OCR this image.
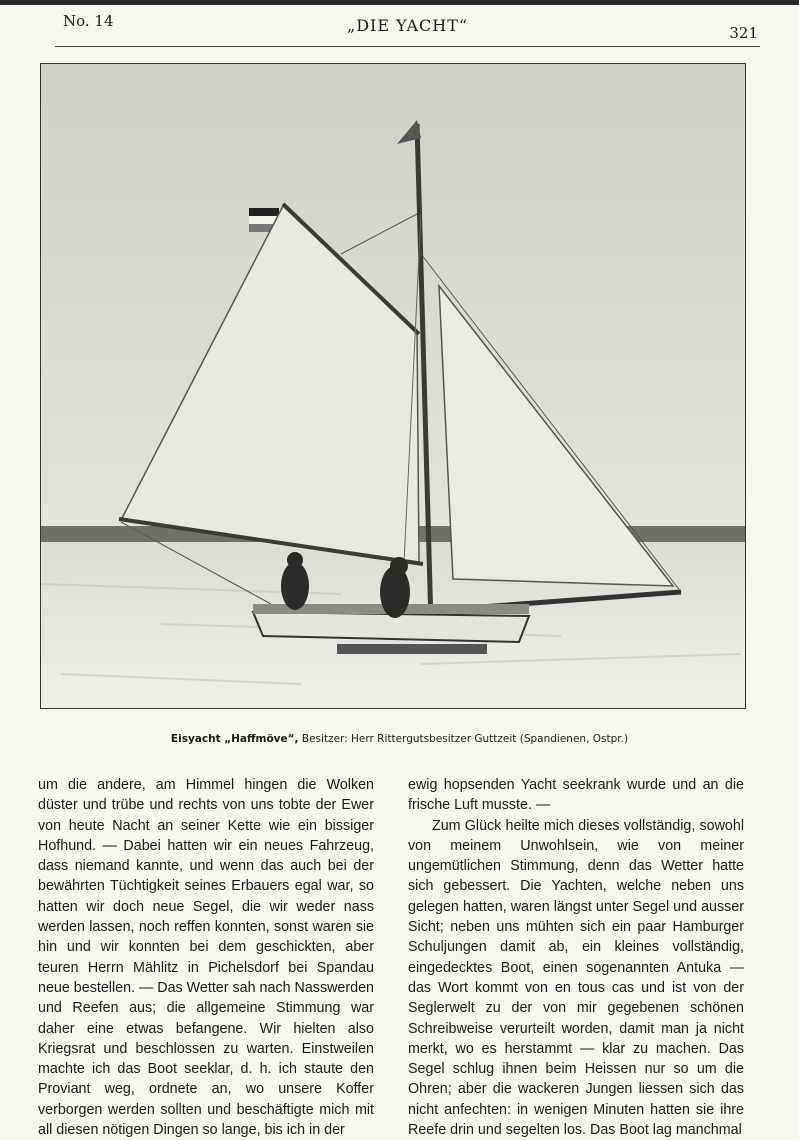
No. 14	„DIE YACHT“	321
Eisyacht „Haffmöve“, Besitzer: Herr Rittergutsbesitzer Guttzeit (Spandienen, Ostpr.)

um die andere, am Himmel hingen die Wolken düster und trübe und rechts von uns tobte der Ewer von heute Nacht an seiner Kette wie ein bissiger Hofhund. — Dabei hatten wir ein neues Fahrzeug, dass niemand kannte, und wenn das auch bei der bewährten Tüchtigkeit seines Erbauers egal war, so hatten wir doch neue Segel, die wir weder nass werden lassen, noch reffen konnten, sonst waren sie hin und wir konnten bei dem geschickten, aber teuren Herrn Mählitz in Pichelsdorf bei Spandau neue bestellen. — Das Wetter sah nach Nasswerden und Reefen aus; die allgemeine Stimmung war daher eine etwas befangene. Wir hielten also Kriegsrat und beschlossen zu warten. Einstweilen machte ich das Boot seeklar, d. h. ich staute den Proviant weg, ordnete an, wo unsere Koffer verborgen werden sollten und beschäftigte mich mit all diesen nötigen Dingen so lange, bis ich in der

ewig hopsenden Yacht seekrank wurde und an die frische Luft musste. —

Zum Glück heilte mich dieses vollständig, sowohl von meinem Unwohlsein, wie von meiner ungemütlichen Stimmung, denn das Wetter hatte sich gebessert. Die Yachten, welche neben uns gelegen hatten, waren längst unter Segel und ausser Sicht; neben uns mühten sich ein paar Hamburger Schuljungen damit ab, ein kleines vollständig, eingedecktes Boot, einen sogenannten Antuka — das Wort kommt von en tous cas und ist von der Seglerwelt zu der von mir gegebenen schönen Schreibweise verurteilt worden, damit man ja nicht merkt, wo es herstammt — klar zu machen. Das Segel schlug ihnen beim Heissen nur so um die Ohren; aber die wackeren Jungen liessen sich das nicht anfechten: in wenigen Minuten hatten sie ihre Reefe drin und segelten los. Das Boot lag manchmal
